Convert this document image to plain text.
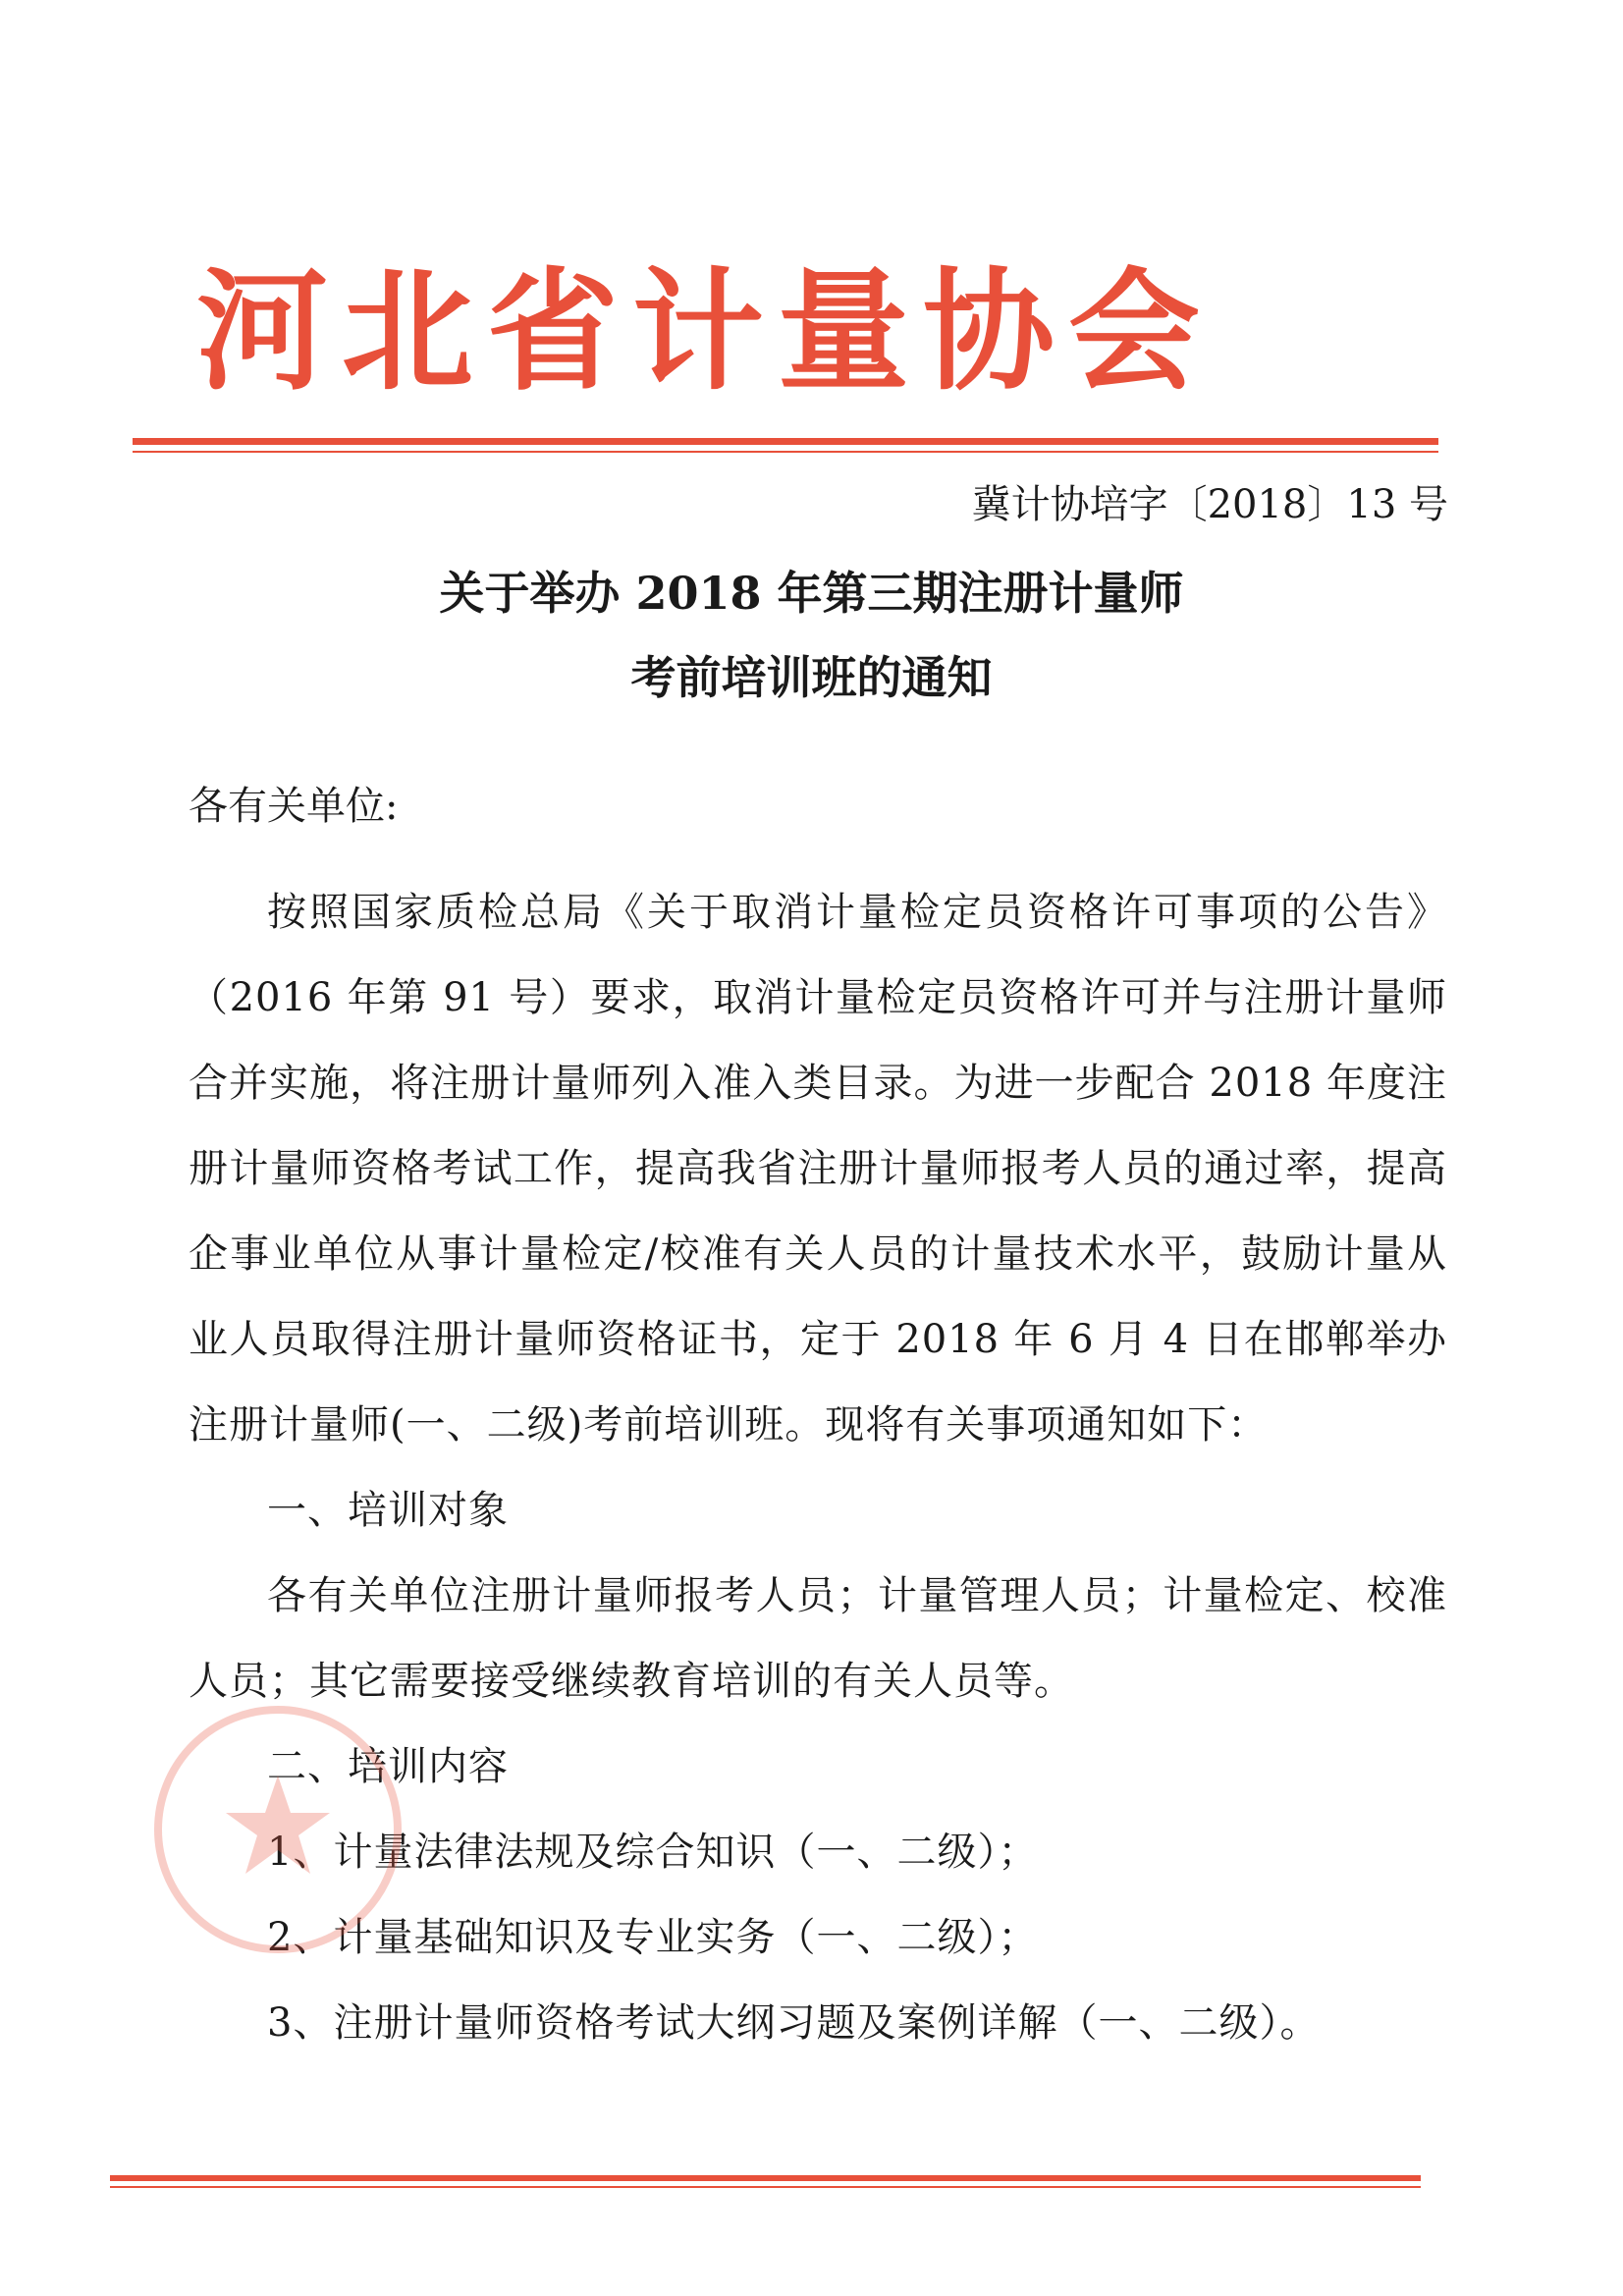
河北省计量协会
冀计协培字〔2018〕13 号
关于举办 2018 年第三期注册计量师
考前培训班的通知

各有关单位:

按照国家质检总局《关于取消计量检定员资格许可事项的公告》（2016 年第 91 号）要求，取消计量检定员资格许可并与注册计量师合并实施，将注册计量师列入准入类目录。为进一步配合 2018 年度注册计量师资格考试工作，提高我省注册计量师报考人员的通过率，提高企事业单位从事计量检定/校准有关人员的计量技术水平，鼓励计量从业人员取得注册计量师资格证书，定于 2018 年 6 月 4 日在邯郸举办注册计量师(一、二级)考前培训班。现将有关事项通知如下：

一、培训对象

各有关单位注册计量师报考人员；计量管理人员；计量检定、校准人员；其它需要接受继续教育培训的有关人员等。

二、培训内容

1、计量法律法规及综合知识（一、二级）；

2、计量基础知识及专业实务（一、二级）；

3、注册计量师资格考试大纲习题及案例详解（一、二级）。
